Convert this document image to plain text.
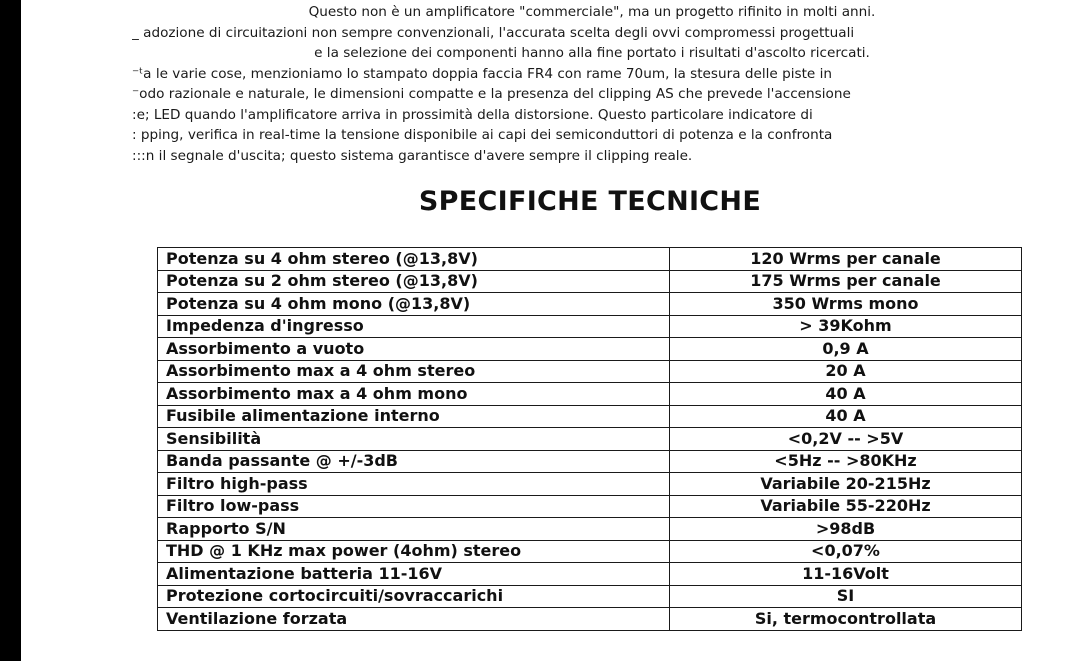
Questo non è un amplificatore "commerciale", ma un progetto rifinito in molti anni.
_ adozione di circuitazioni non sempre convenzionali, l'accurata scelta degli ovvi compromessi progettuali
e la selezione dei componenti hanno alla fine portato i risultati d'ascolto ricercati.
⁻ᵗa le varie cose, menzioniamo lo stampato doppia faccia FR4 con rame 70um, la stesura delle piste in
⁻odo razionale e naturale, le dimensioni compatte e la presenza del clipping AS che prevede l'accensione
:e; LED quando l'amplificatore arriva in prossimità della distorsione. Questo particolare indicatore di
: pping, verifica in real-time la tensione disponibile ai capi dei semiconduttori di potenza e la confronta
:::n il segnale d'uscita; questo sistema garantisce d'avere sempre il clipping reale.
SPECIFICHE TECNICHE
Potenza su 4 ohm stereo (@13,8V)	120 Wrms per canale
Potenza su 2 ohm stereo (@13,8V)	175 Wrms per canale
Potenza su 4 ohm mono (@13,8V)	350 Wrms mono
Impedenza d'ingresso	> 39Kohm
Assorbimento a vuoto	0,9 A
Assorbimento max a 4 ohm stereo	20 A
Assorbimento max a 4 ohm mono	40 A
Fusibile alimentazione interno	40 A
Sensibilità	<0,2V -- >5V
Banda passante @ +/-3dB	<5Hz -- >80KHz
Filtro high-pass	Variabile 20-215Hz
Filtro low-pass	Variabile 55-220Hz
Rapporto S/N	>98dB
THD @ 1 KHz max power (4ohm) stereo	<0,07%
Alimentazione batteria 11-16V	11-16Volt
Protezione cortocircuiti/sovraccarichi	SI
Ventilazione forzata	Si, termocontrollata
